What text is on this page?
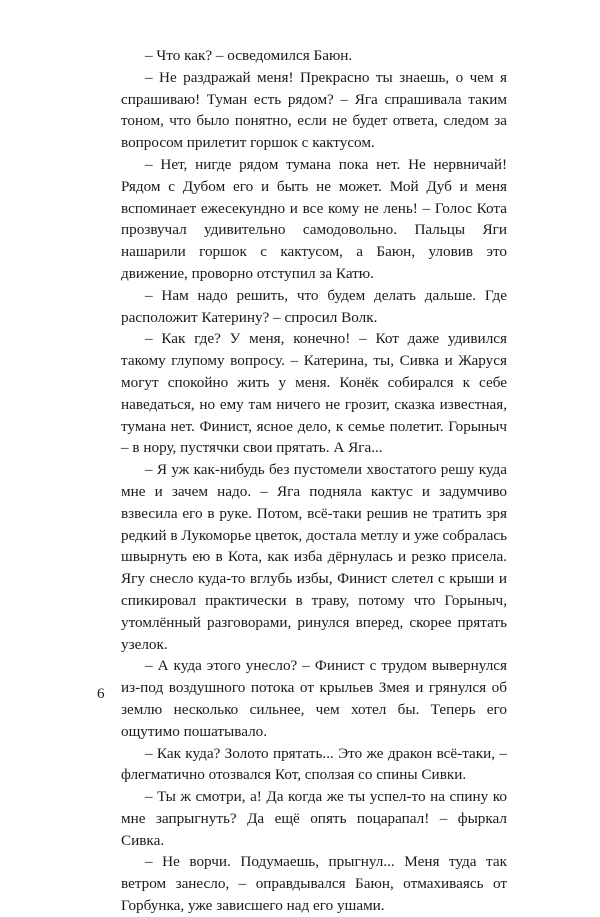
– Что как? – осведомился Баюн.

– Не раздражай меня! Прекрасно ты знаешь, о чем я спрашиваю! Туман есть рядом? – Яга спрашивала таким тоном, что было понятно, если не будет ответа, следом за вопросом прилетит горшок с кактусом.

– Нет, нигде рядом тумана пока нет. Не нервничай! Рядом с Дубом его и быть не может. Мой Дуб и меня вспоминает ежесекундно и все кому не лень! – Голос Кота прозвучал удивительно самодовольно. Пальцы Яги нашарили горшок с кактусом, а Баюн, уловив это движение, проворно отступил за Катю.

– Нам надо решить, что будем делать дальше. Где расположит Катерину? – спросил Волк.

– Как где? У меня, конечно! – Кот даже удивился такому глупому вопросу. – Катерина, ты, Сивка и Жаруся могут спокойно жить у меня. Конёк собирался к себе наведаться, но ему там ничего не грозит, сказка известная, тумана нет. Финист, ясное дело, к семье полетит. Горыныч – в нору, пустячки свои прятать. А Яга...

– Я уж как-нибудь без пустомели хвостатого решу куда мне и зачем надо. – Яга подняла кактус и задумчиво взвесила его в руке. Потом, всё-таки решив не тратить зря редкий в Лукоморье цветок, достала метлу и уже собралась швырнуть ею в Кота, как изба дёрнулась и резко присела. Ягу снесло куда-то вглубь избы, Финист слетел с крыши и спикировал практически в траву, потому что Горыныч, утомлённый разговорами, ринулся вперед, скорее прятать узелок.

– А куда этого унесло? – Финист с трудом вывернулся из-под воздушного потока от крыльев Змея и грянулся об землю несколько сильнее, чем хотел бы. Теперь его ощутимо пошатывало.

– Как куда? Золото прятать... Это же дракон всё-таки, – флегматично отозвался Кот, сползая со спины Сивки.

– Ты ж смотри, а! Да когда же ты успел-то на спину ко мне запрыгнуть? Да ещё опять поцарапал! – фыркал Сивка.

– Не ворчи. Подумаешь, прыгнул... Меня туда так ветром занесло, – оправдывался Баюн, отмахиваясь от Горбунка, уже зависшего над его ушами.

6
